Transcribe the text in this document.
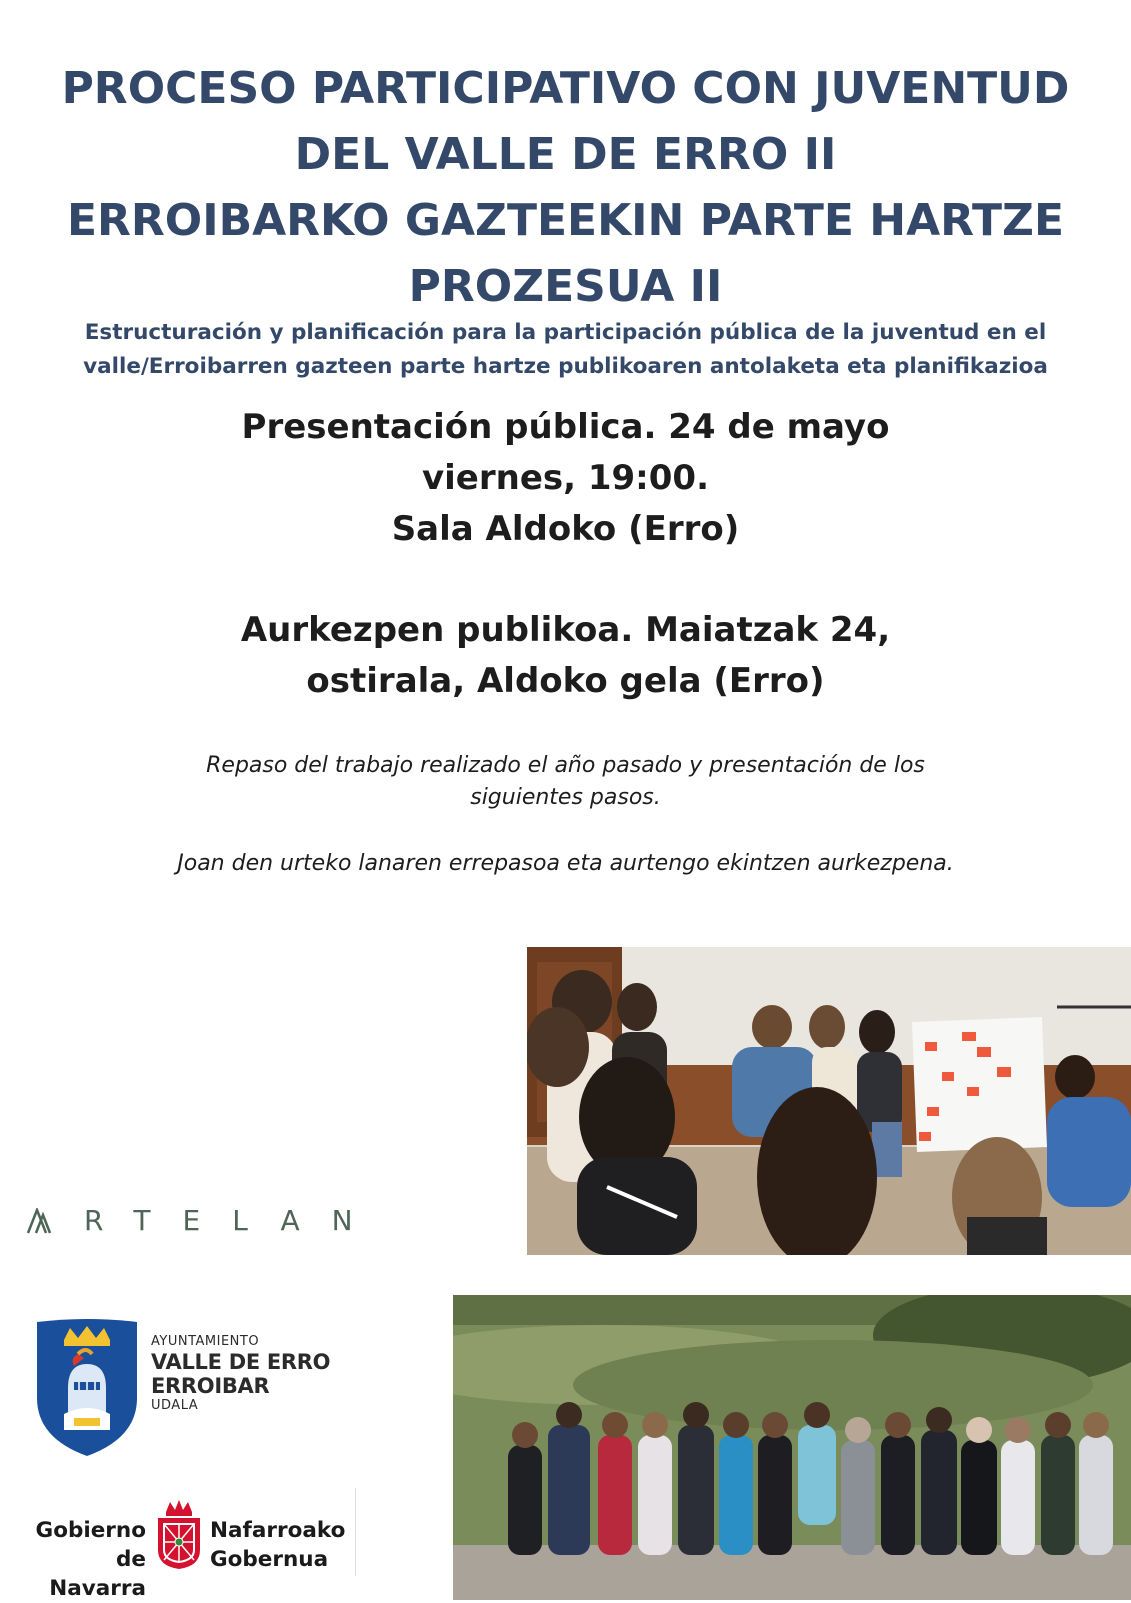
PROCESO PARTICIPATIVO CON JUVENTUD
DEL VALLE DE ERRO II
ERROIBARKO GAZTEEKIN PARTE HARTZE
PROZESUA II

Estructuración y planificación para la participación pública de la juventud en el valle/Erroibarren gazteen parte hartze publikoaren antolaketa eta planifikazioa

Presentación pública. 24 de mayo
viernes, 19:00.
Sala Aldoko (Erro)
Aurkezpen publikoa. Maiatzak 24,
ostirala, Aldoko gela (Erro)

Repaso del trabajo realizado el año pasado y presentación de los siguientes pasos.

Joan den urteko lanaren errepasoa eta aurtengo ekintzen aurkezpena.

RTELAN
AYUNTAMIENTO
VALLE DE ERRO
ERROIBAR
UDALA
Gobierno
de Navarra
Nafarroako
Gobernua
